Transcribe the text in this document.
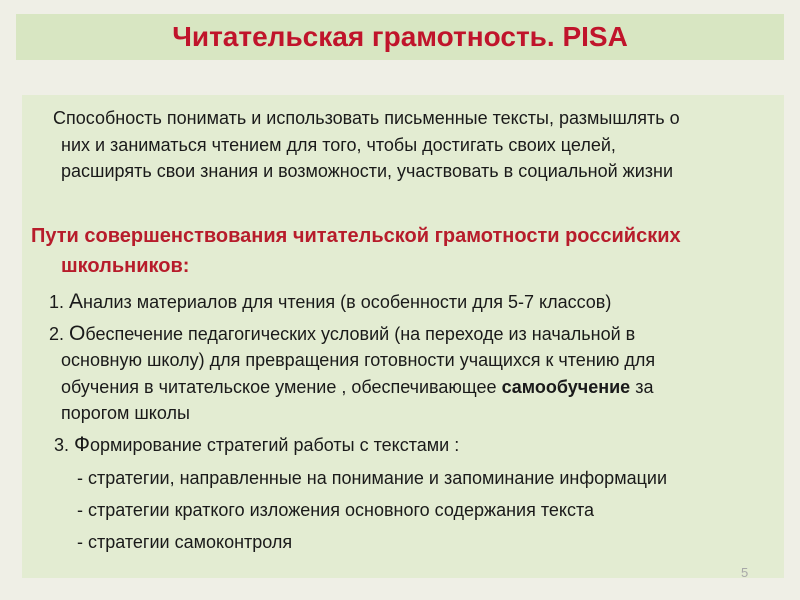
Читательская грамотность. PISA

Способность понимать и использовать письменные тексты, размышлять о

них и заниматься чтением для того, чтобы достигать своих целей,

расширять свои знания и возможности, участвовать в социальной жизни

Пути совершенствования читательской грамотности российских

школьников:

1. Анализ материалов для чтения (в особенности для 5-7 классов)

2. Обеспечение педагогических условий (на переходе из начальной в

основную школу) для превращения готовности учащихся к чтению для

обучения в читательское умение , обеспечивающее самообучение за

порогом школы

3. Формирование стратегий работы с текстами :

- стратегии, направленные на понимание и запоминание информации

- стратегии краткого изложения основного содержания текста

- стратегии самоконтроля

5
